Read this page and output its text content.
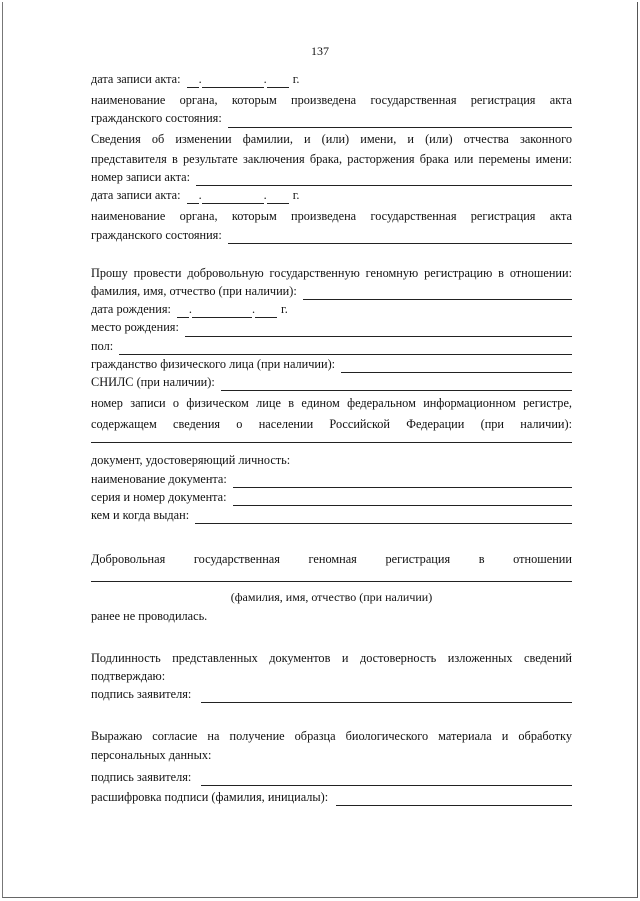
137
дата записи акта: .	. г.
наименование органа, которым произведена государственная регистрация акта
гражданского состояния:
Сведения об изменении фамилии, и (или) имени, и (или) отчества законного
представителя в результате заключения брака, расторжения брака или перемены имени:
номер записи акта:
дата записи акта: .	. г.
наименование органа, которым произведена государственная регистрация акта
гражданского состояния:
Прошу провести добровольную государственную геномную регистрацию в отношении:
фамилия, имя, отчество (при наличии):
дата рождения: .	. г.
место рождения:
пол:
гражданство физического лица (при наличии):
СНИЛС (при наличии):
номер записи о физическом лице в едином федеральном информационном регистре,
содержащем сведения о населении Российской Федерации (при наличии):
документ, удостоверяющий личность:
наименование документа:
серия и номер документа:
кем и когда выдан:
Добровольная государственная геномная регистрация в отношении
(фамилия, имя, отчество (при наличии)
ранее не проводилась.
Подлинность представленных документов и достоверность изложенных сведений
подтверждаю:
подпись заявителя:
Выражаю согласие на получение образца биологического материала и обработку
персональных данных:
подпись заявителя:
расшифровка подписи (фамилия, инициалы):
